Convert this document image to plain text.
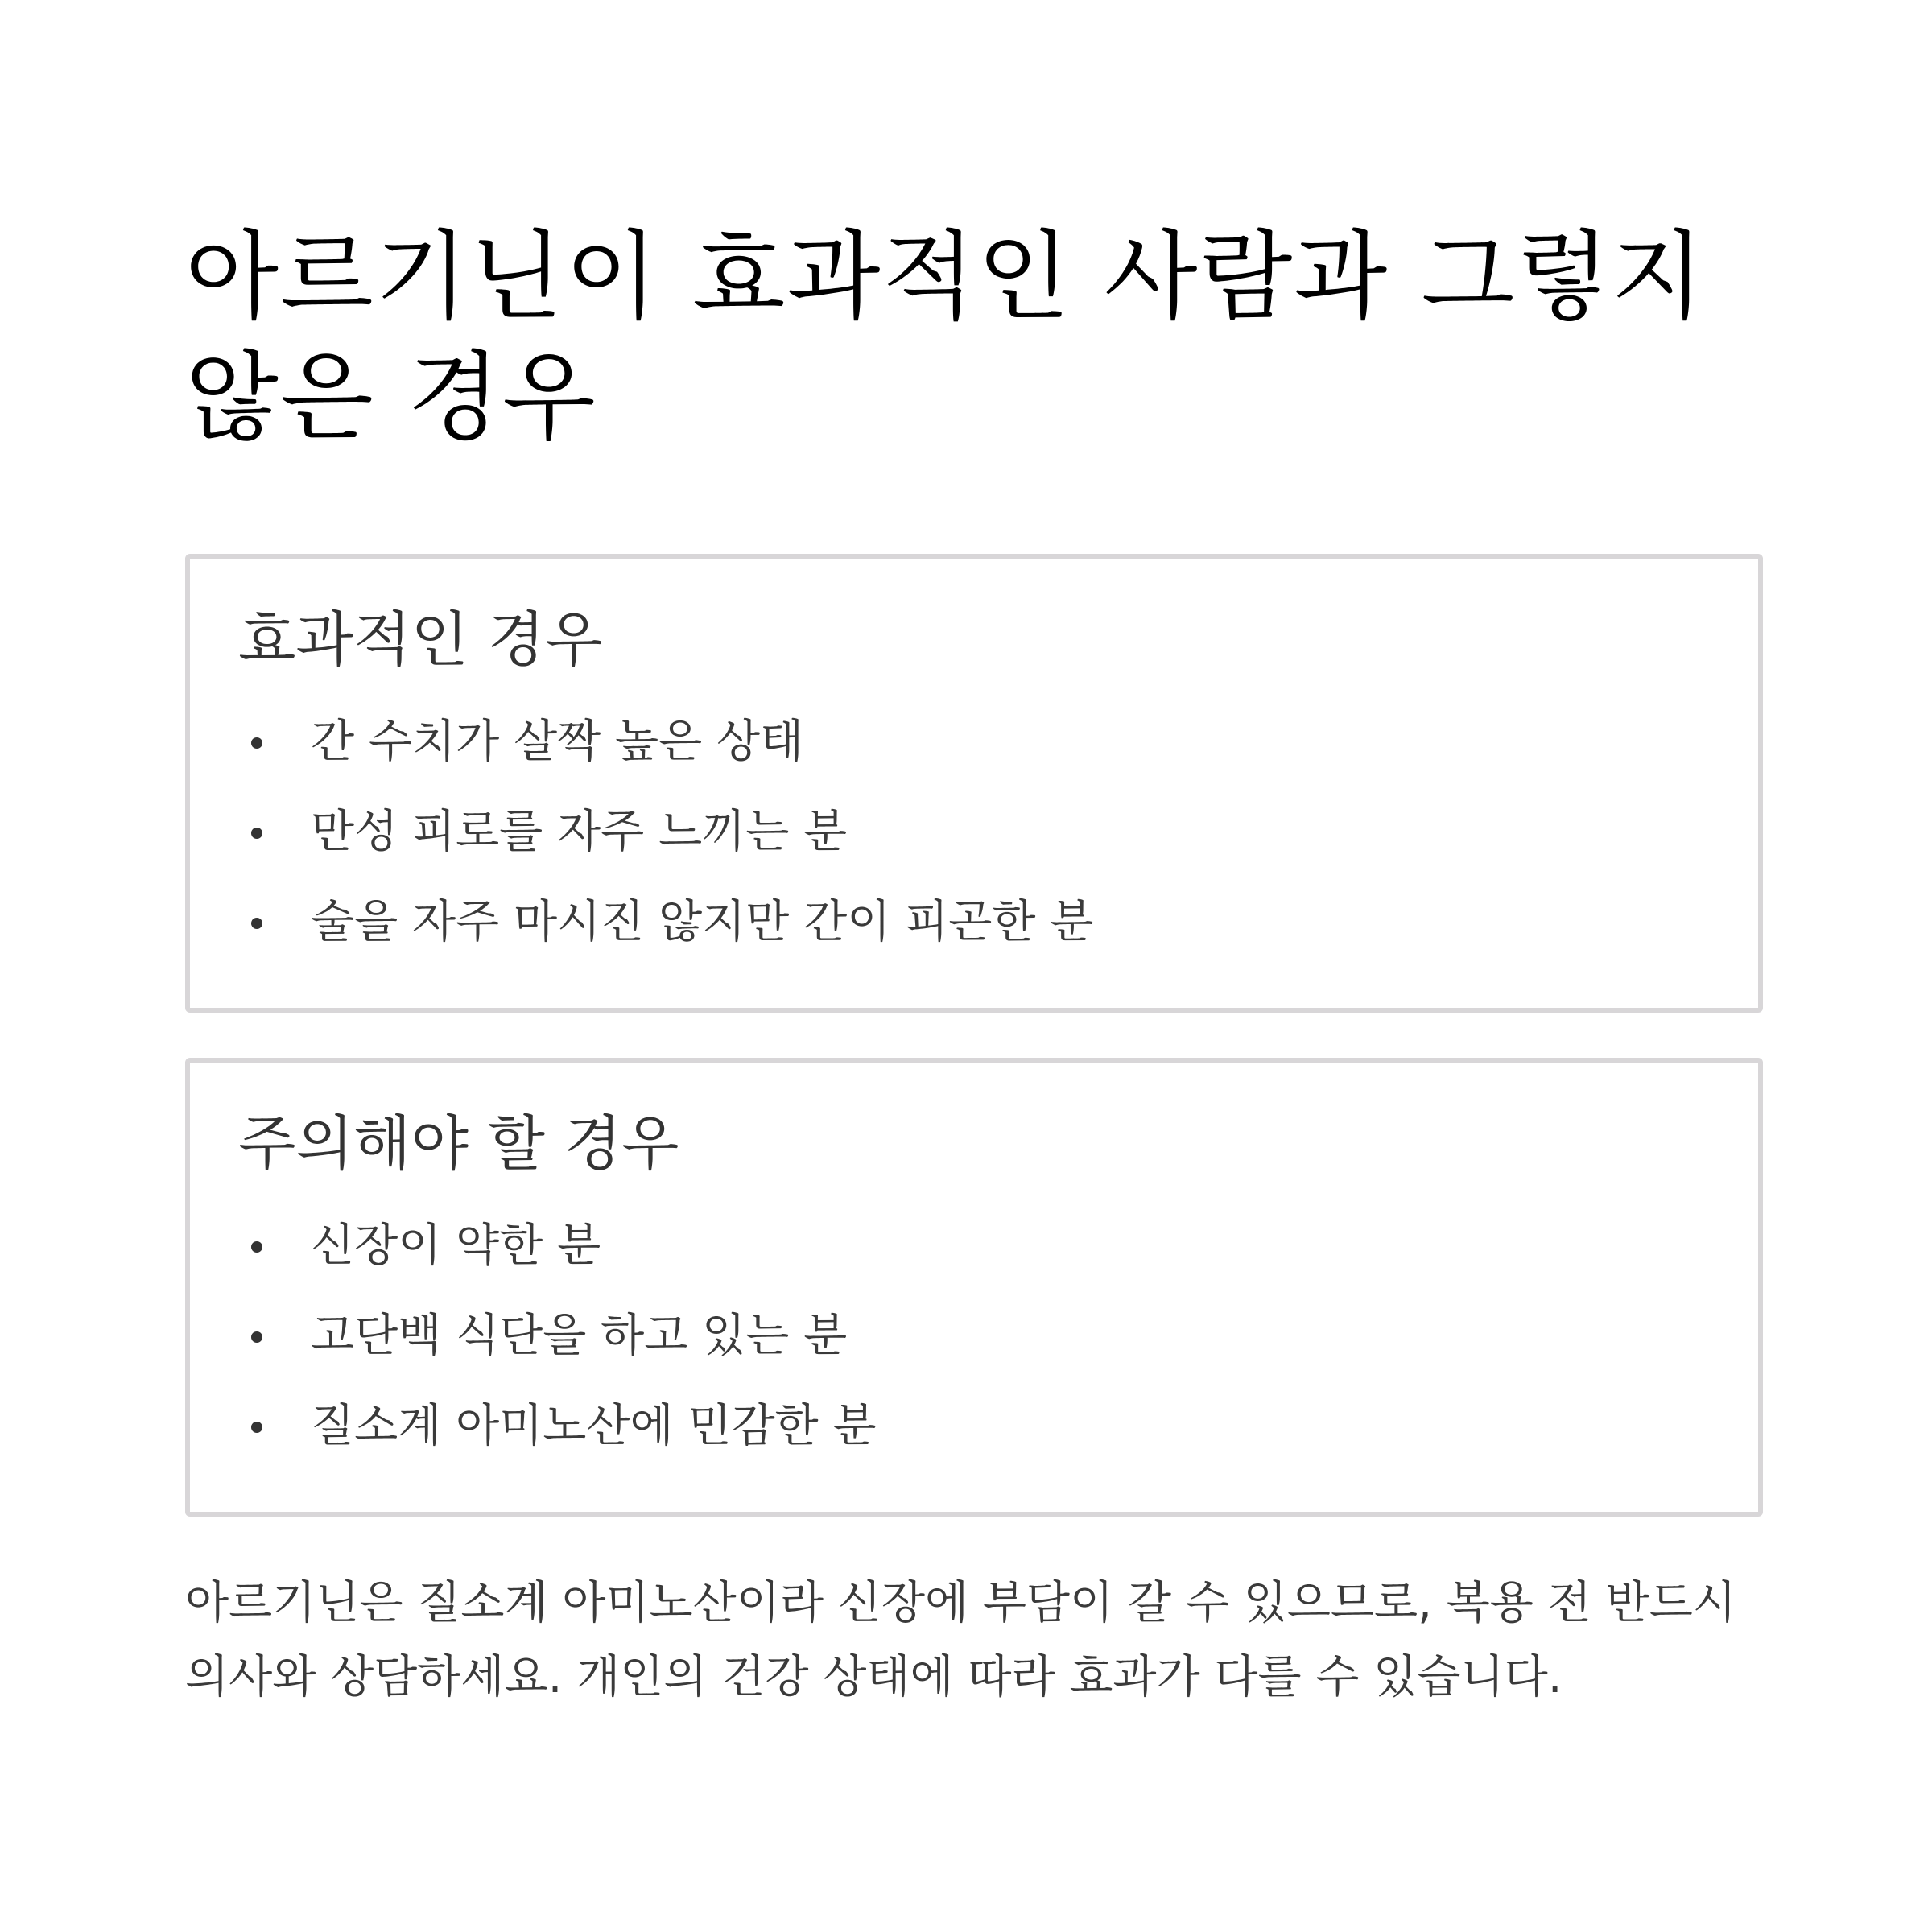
아르기닌이 효과적인 사람과 그렇지 않은 경우
효과적인 경우
간 수치가 살짝 높은 상태
만성 피로를 자주 느끼는 분
술을 자주 마시진 않지만 간이 피곤한 분
주의해야 할 경우
신장이 약한 분
고단백 식단을 하고 있는 분
질소계 아미노산에 민감한 분

아르기닌은 질소계 아미노산이라 신장에 부담이 갈 수 있으므로, 복용 전 반드시 의사와 상담하세요. 개인의 건강 상태에 따라 효과가 다를 수 있습니다.
